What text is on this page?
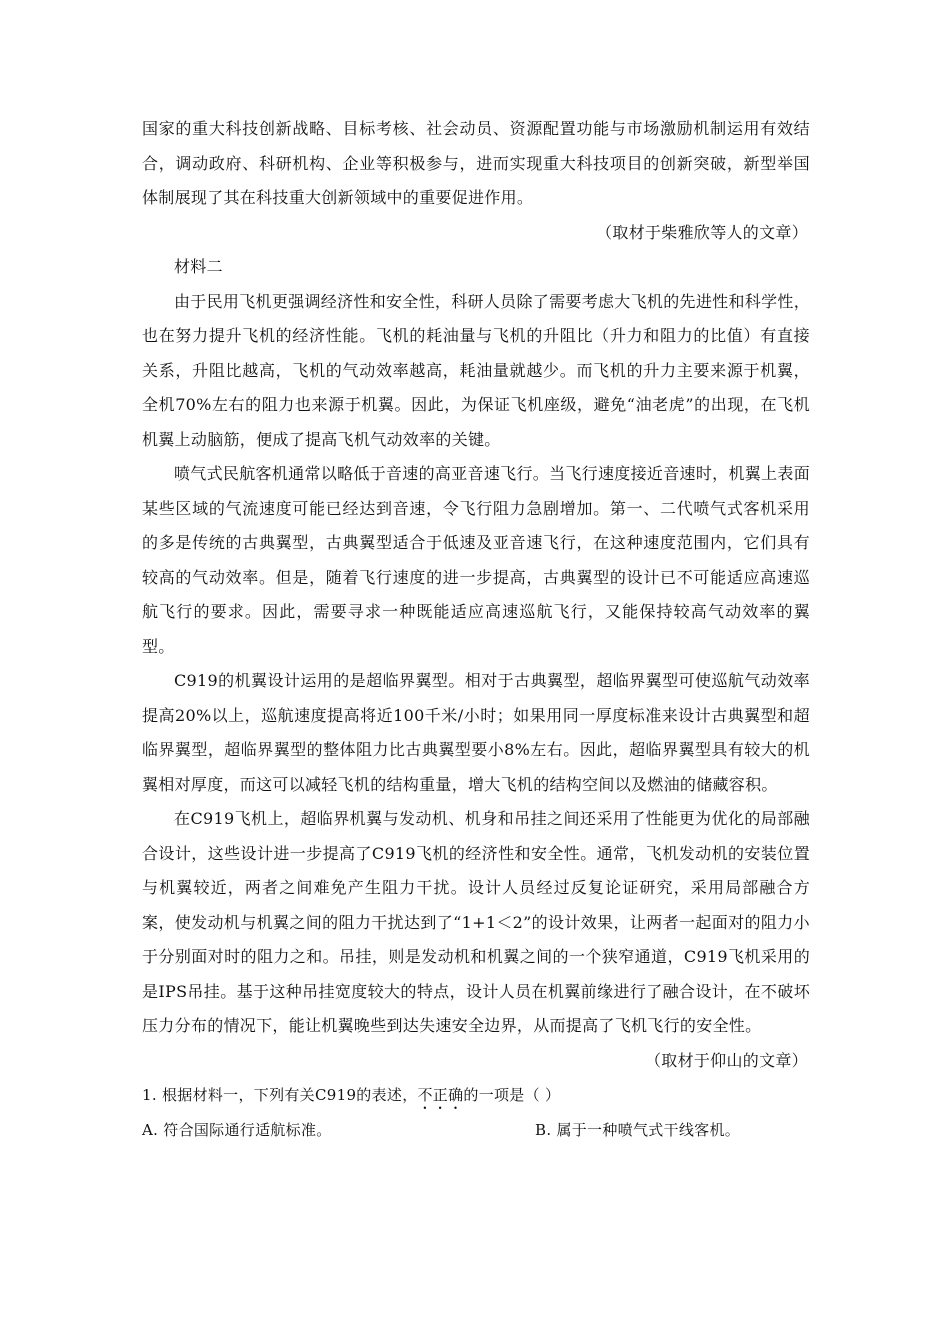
国家的重大科技创新战略、目标考核、社会动员、资源配置功能与市场激励机制运用有效结合，调动政府、科研机构、企业等积极参与，进而实现重大科技项目的创新突破，新型举国体制展现了其在科技重大创新领域中的重要促进作用。

（取材于柴雅欣等人的文章）

材料二

由于民用飞机更强调经济性和安全性，科研人员除了需要考虑大飞机的先进性和科学性，也在努力提升飞机的经济性能。飞机的耗油量与飞机的升阻比（升力和阻力的比值）有直接关系，升阻比越高，飞机的气动效率越高，耗油量就越少。而飞机的升力主要来源于机翼，全机70%左右的阻力也来源于机翼。因此，为保证飞机座级，避免“油老虎”的出现，在飞机机翼上动脑筋，便成了提高飞机气动效率的关键。

喷气式民航客机通常以略低于音速的高亚音速飞行。当飞行速度接近音速时，机翼上表面某些区域的气流速度可能已经达到音速，令飞行阻力急剧增加。第一、二代喷气式客机采用的多是传统的古典翼型，古典翼型适合于低速及亚音速飞行，在这种速度范围内，它们具有较高的气动效率。但是，随着飞行速度的进一步提高，古典翼型的设计已不可能适应高速巡航飞行的要求。因此，需要寻求一种既能适应高速巡航飞行，又能保持较高气动效率的翼型。

C919的机翼设计运用的是超临界翼型。相对于古典翼型，超临界翼型可使巡航气动效率提高20%以上，巡航速度提高将近100千米/小时；如果用同一厚度标准来设计古典翼型和超临界翼型，超临界翼型的整体阻力比古典翼型要小8%左右。因此，超临界翼型具有较大的机翼相对厚度，而这可以减轻飞机的结构重量，增大飞机的结构空间以及燃油的储藏容积。

在C919飞机上，超临界机翼与发动机、机身和吊挂之间还采用了性能更为优化的局部融合设计，这些设计进一步提高了C919飞机的经济性和安全性。通常，飞机发动机的安装位置与机翼较近，两者之间难免产生阻力干扰。设计人员经过反复论证研究，采用局部融合方案，使发动机与机翼之间的阻力干扰达到了“1+1＜2”的设计效果，让两者一起面对的阻力小于分别面对时的阻力之和。吊挂，则是发动机和机翼之间的一个狭窄通道，C919飞机采用的是IPS吊挂。基于这种吊挂宽度较大的特点，设计人员在机翼前缘进行了融合设计，在不破坏压力分布的情况下，能让机翼晚些到达失速安全边界，从而提高了飞机飞行的安全性。

（取材于仰山的文章）

1. 根据材料一，下列有关C919的表述，不正确的一项是（ ）

A. 符合国际通行适航标准。	B. 属于一种喷气式干线客机。
